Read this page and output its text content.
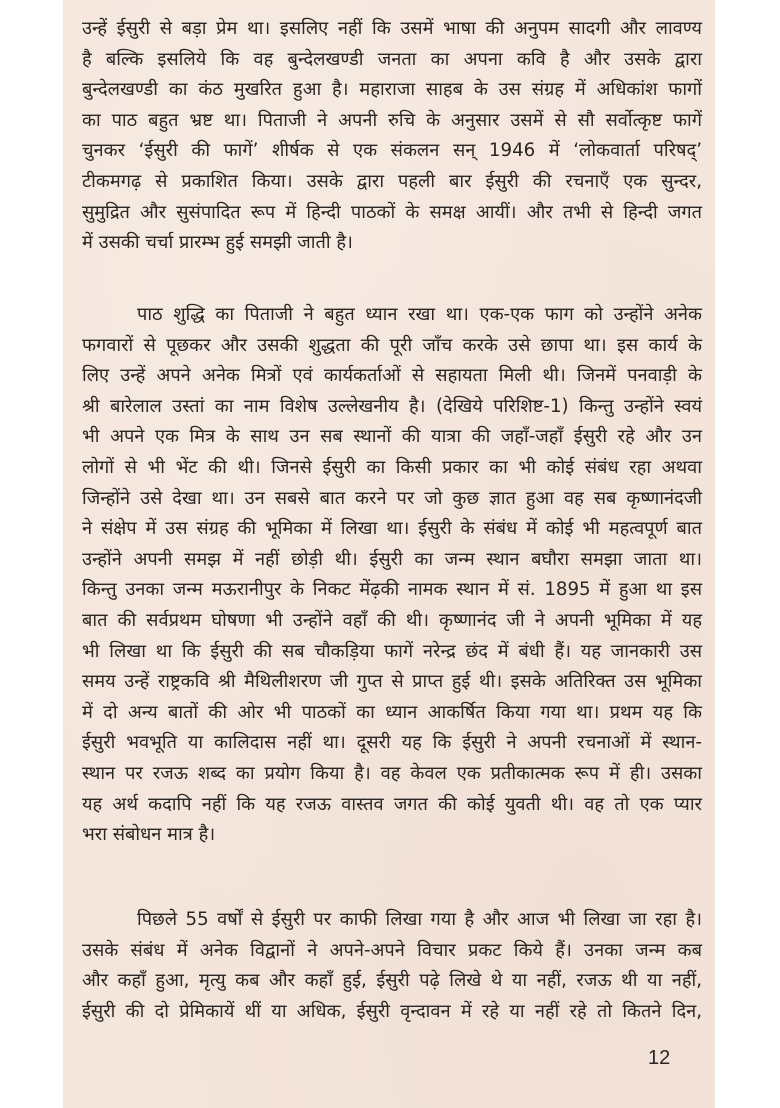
उन्हें ईसुरी से बड़ा प्रेम था। इसलिए नहीं कि उसमें भाषा की अनुपम सादगी और लावण्य
है बल्कि इसलिये कि वह बुन्देलखण्डी जनता का अपना कवि है और उसके द्वारा
बुन्देलखण्डी का कंठ मुखरित हुआ है। महाराजा साहब के उस संग्रह में अधिकांश फागों
का पाठ बहुत भ्रष्ट था। पिताजी ने अपनी रुचि के अनुसार उसमें से सौ सर्वोत्कृष्ट फागें
चुनकर ‘ईसुरी की फागें’ शीर्षक से एक संकलन सन् 1946 में ‘लोकवार्ता परिषद्’
टीकमगढ़ से प्रकाशित किया। उसके द्वारा पहली बार ईसुरी की रचनाएँ एक सुन्दर,
सुमुद्रित और सुसंपादित रूप में हिन्दी पाठकों के समक्ष आयीं। और तभी से हिन्दी जगत
में उसकी चर्चा प्रारम्भ हुई समझी जाती है।
पाठ शुद्धि का पिताजी ने बहुत ध्यान रखा था। एक-एक फाग को उन्होंने अनेक
फगवारों से पूछकर और उसकी शुद्धता की पूरी जाँच करके उसे छापा था। इस कार्य के
लिए उन्हें अपने अनेक मित्रों एवं कार्यकर्ताओं से सहायता मिली थी। जिनमें पनवाड़ी के
श्री बारेलाल उस्तां का नाम विशेष उल्लेखनीय है। (देखिये परिशिष्ट-1) किन्तु उन्होंने स्वयं
भी अपने एक मित्र के साथ उन सब स्थानों की यात्रा की जहाँ-जहाँ ईसुरी रहे और उन
लोगों से भी भेंट की थी। जिनसे ईसुरी का किसी प्रकार का भी कोई संबंध रहा अथवा
जिन्होंने उसे देखा था। उन सबसे बात करने पर जो कुछ ज्ञात हुआ वह सब कृष्णानंदजी
ने संक्षेप में उस संग्रह की भूमिका में लिखा था। ईसुरी के संबंध में कोई भी महत्वपूर्ण बात
उन्होंने अपनी समझ में नहीं छोड़ी थी। ईसुरी का जन्म स्थान बघौरा समझा जाता था।
किन्तु उनका जन्म मऊरानीपुर के निकट मेंढ़की नामक स्थान में सं. 1895 में हुआ था इस
बात की सर्वप्रथम घोषणा भी उन्होंने वहाँ की थी। कृष्णानंद जी ने अपनी भूमिका में यह
भी लिखा था कि ईसुरी की सब चौकड़िया फागें नरेन्द्र छंद में बंधी हैं। यह जानकारी उस
समय उन्हें राष्ट्रकवि श्री मैथिलीशरण जी गुप्त से प्राप्त हुई थी। इसके अतिरिक्त उस भूमिका
में दो अन्य बातों की ओर भी पाठकों का ध्यान आकर्षित किया गया था। प्रथम यह कि
ईसुरी भवभूति या कालिदास नहीं था। दूसरी यह कि ईसुरी ने अपनी रचनाओं में स्थान-
स्थान पर रजऊ शब्द का प्रयोग किया है। वह केवल एक प्रतीकात्मक रूप में ही। उसका
यह अर्थ कदापि नहीं कि यह रजऊ वास्तव जगत की कोई युवती थी। वह तो एक प्यार
भरा संबोधन मात्र है।
पिछले 55 वर्षों से ईसुरी पर काफी लिखा गया है और आज भी लिखा जा रहा है।
उसके संबंध में अनेक विद्वानों ने अपने-अपने विचार प्रकट किये हैं। उनका जन्म कब
और कहाँ हुआ, मृत्यु कब और कहाँ हुई, ईसुरी पढ़े लिखे थे या नहीं, रजऊ थी या नहीं,
ईसुरी की दो प्रेमिकायें थीं या अधिक, ईसुरी वृन्दावन में रहे या नहीं रहे तो कितने दिन,
12
